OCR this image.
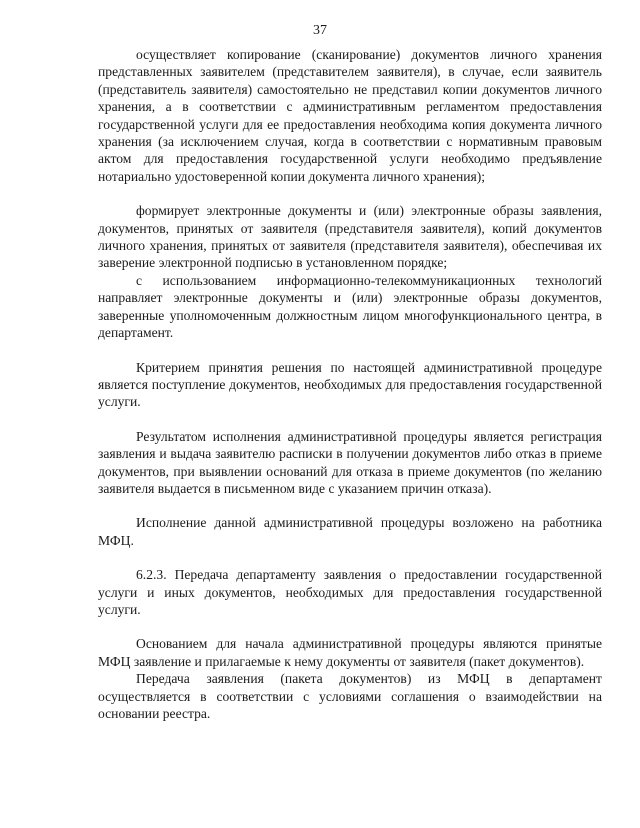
37

осуществляет копирование (сканирование) документов личного хранения представленных заявителем (представителем заявителя), в случае, если заявитель (представитель заявителя) самостоятельно не представил копии документов личного хранения, а в соответствии с административным регламентом предоставления государственной услуги для ее предоставления необходима копия документа личного хранения (за исключением случая, когда в соответствии с нормативным правовым актом для предоставления государственной услуги необходимо предъявление нотариально удостоверенной копии документа личного хранения);

формирует электронные документы и (или) электронные образы заявления, документов, принятых от заявителя (представителя заявителя), копий документов личного хранения, принятых от заявителя (представителя заявителя), обеспечивая их заверение электронной подписью в установленном порядке;

с использованием информационно-телекоммуникационных технологий направляет электронные документы и (или) электронные образы документов, заверенные уполномоченным должностным лицом многофункционального центра, в департамент.

Критерием принятия решения по настоящей административной процедуре является поступление документов, необходимых для предоставления государственной услуги.

Результатом исполнения административной процедуры является регистрация заявления и выдача заявителю расписки в получении документов либо отказ в приеме документов, при выявлении оснований для отказа в приеме документов (по желанию заявителя выдается в письменном виде с указанием причин отказа).

Исполнение данной административной процедуры возложено на работника МФЦ.

6.2.3. Передача департаменту заявления о предоставлении государственной услуги и иных документов, необходимых для предоставления государственной услуги.

Основанием для начала административной процедуры являются принятые МФЦ заявление и прилагаемые к нему документы от заявителя (пакет документов).

Передача заявления (пакета документов) из МФЦ в департамент осуществляется в соответствии с условиями соглашения о взаимодействии на основании реестра.
